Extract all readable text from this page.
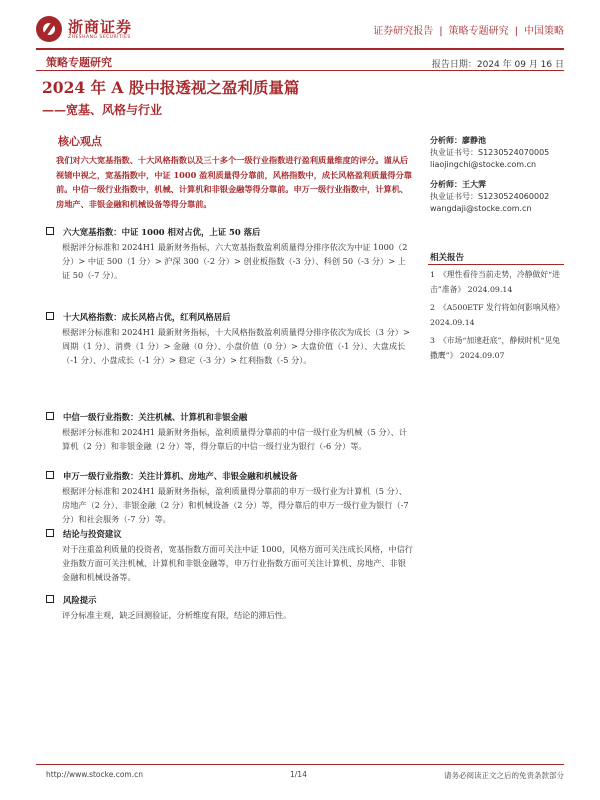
浙商证券
ZHESHANG SECURITIES
证券研究报告 | 策略专题研究 | 中国策略
策略专题研究	报告日期：2024 年 09 月 16 日
2024 年 A 股中报透视之盈利质量篇
——宽基、风格与行业
核心观点
我们对六大宽基指数、十大风格指数以及三十多个一级行业指数进行盈利质量维度的评分。谨从后视镜中视之，宽基指数中，中证 1000 盈利质量得分靠前，风格指数中，成长风格盈利质量得分靠前。中信一级行业指数中，机械、计算机和非银金融等得分靠前。申万一级行业指数中，计算机、房地产、非银金融和机械设备等得分靠前。
六大宽基指数：中证 1000 相对占优，上证 50 落后
根据评分标准和 2024H1 最新财务指标，六大宽基指数盈利质量得分排序依次为中证 1000（2 分）> 中证 500（1 分）> 沪深 300（-2 分）> 创业板指数（-3 分）、科创 50（-3 分）> 上证 50（-7 分）。
十大风格指数：成长风格占优，红利风格居后
根据评分标准和 2024H1 最新财务指标，十大风格指数盈利质量得分排序依次为成长（3 分）> 周期（1 分）、消费（1 分）> 金融（0 分）、小盘价值（0 分）> 大盘价值（-1 分）、大盘成长（-1 分）、小盘成长（-1 分）> 稳定（-3 分）> 红利指数（-5 分）。
中信一级行业指数：关注机械、计算机和非银金融
根据评分标准和 2024H1 最新财务指标，盈利质量得分靠前的中信一级行业为机械（5 分）、计算机（2 分）和非银金融（2 分）等，得分靠后的中信一级行业为银行（-6 分）等。
申万一级行业指数：关注计算机、房地产、非银金融和机械设备
根据评分标准和 2024H1 最新财务指标，盈利质量得分靠前的申万一级行业为计算机（5 分）、房地产（2 分）、非银金融（2 分）和机械设备（2 分）等，得分靠后的申万一级行业为银行（-7 分）和社会服务（-7 分）等。
结论与投资建议
对于注重盈利质量的投资者，宽基指数方面可关注中证 1000，风格方面可关注成长风格，中信行业指数方面可关注机械、计算机和非银金融等，申万行业指数方面可关注计算机、房地产、非银金融和机械设备等。
风险提示
评分标准主观，缺乏回测验证，分析维度有限，结论的滞后性。
分析师：廖静池
执业证书号：S1230524070005
liaojingchi@stocke.com.cn
分析师：王大霁
执业证书号：S1230524060002
wangdaji@stocke.com.cn
相关报告
1 《理性看待当前走势，冷静做好“进击”准备》 2024.09.14
2 《A500ETF 发行将如何影响风格》 2024.09.14
3 《市场“加速赶底”，静候时机“见兔撒鹰”》 2024.09.07
http://www.stocke.com.cn	1/14	请务必阅读正文之后的免责条款部分
